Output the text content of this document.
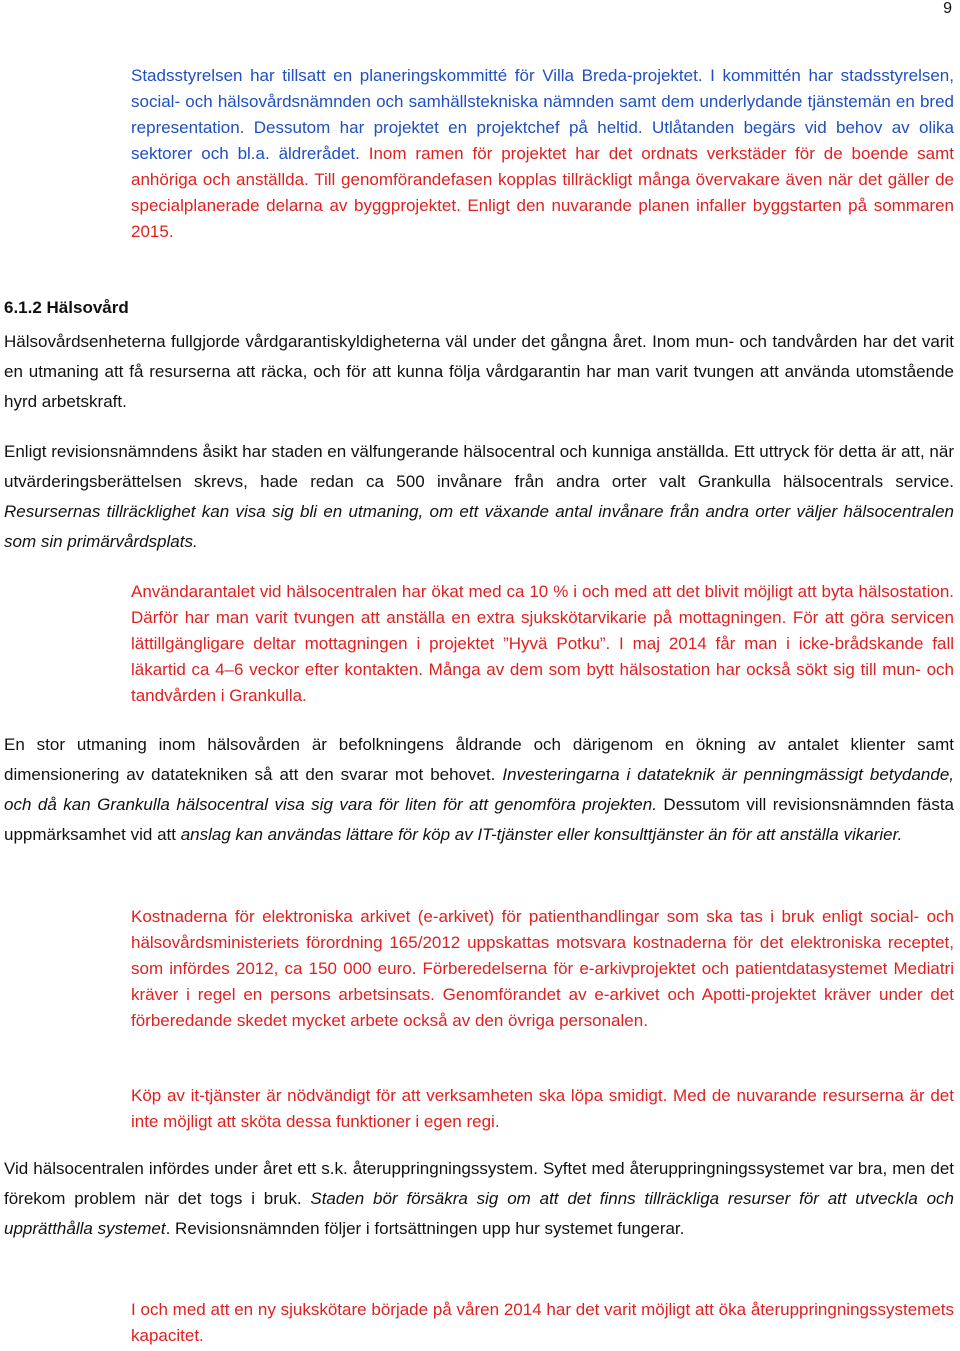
9

Stadsstyrelsen har tillsatt en planeringskommitté för Villa Breda-projektet. I kommittén har stadsstyrelsen, social- och hälsovårdsnämnden och samhällstekniska nämnden samt dem underlydande tjänstemän en bred representation. Dessutom har projektet en projektchef på heltid. Utlåtanden begärs vid behov av olika sektorer och bl.a. äldrerådet. Inom ramen för projektet har det ordnats verkstäder för de boende samt anhöriga och anställda. Till genomförandefasen kopplas tillräckligt många övervakare även när det gäller de specialplanerade delarna av byggprojektet. Enligt den nuvarande planen infaller byggstarten på sommaren 2015.

6.1.2 Hälsovård

Hälsovårdsenheterna fullgjorde vårdgarantiskyldigheterna väl under det gångna året. Inom mun- och tandvården har det varit en utmaning att få resurserna att räcka, och för att kunna följa vårdgarantin har man varit tvungen att använda utomstående hyrd arbetskraft.

Enligt revisionsnämndens åsikt har staden en välfungerande hälsocentral och kunniga anställda. Ett uttryck för detta är att, när utvärderingsberättelsen skrevs, hade redan ca 500 invånare från andra orter valt Grankulla hälsocentrals service. Resursernas tillräcklighet kan visa sig bli en utmaning, om ett växande antal invånare från andra orter väljer hälsocentralen som sin primärvårdsplats.

Användarantalet vid hälsocentralen har ökat med ca 10 % i och med att det blivit möjligt att byta hälsostation. Därför har man varit tvungen att anställa en extra sjukskötarvikarie på mottagningen. För att göra servicen lättillgängligare deltar mottagningen i projektet ”Hyvä Potku”. I maj 2014 får man i icke-brådskande fall läkartid ca 4–6 veckor efter kontakten. Många av dem som bytt hälsostation har också sökt sig till mun- och tandvården i Grankulla.

En stor utmaning inom hälsovården är befolkningens åldrande och därigenom en ökning av antalet klienter samt dimensionering av datatekniken så att den svarar mot behovet. Investeringarna i datateknik är penningmässigt betydande, och då kan Grankulla hälsocentral visa sig vara för liten för att genomföra projekten. Dessutom vill revisionsnämnden fästa uppmärksamhet vid att anslag kan användas lättare för köp av IT-tjänster eller konsulttjänster än för att anställa vikarier.

Kostnaderna för elektroniska arkivet (e-arkivet) för patienthandlingar som ska tas i bruk enligt social- och hälsovårdsministeriets förordning 165/2012 uppskattas motsvara kostnaderna för det elektroniska receptet, som infördes 2012, ca 150 000 euro. Förberedelserna för e-arkivprojektet och patientdatasystemet Mediatri kräver i regel en persons arbetsinsats. Genomförandet av e-arkivet och Apotti-projektet kräver under det förberedande skedet mycket arbete också av den övriga personalen.

Köp av it-tjänster är nödvändigt för att verksamheten ska löpa smidigt. Med de nuvarande resurserna är det inte möjligt att sköta dessa funktioner i egen regi.

Vid hälsocentralen infördes under året ett s.k. återuppringningssystem. Syftet med återuppringningssystemet var bra, men det förekom problem när det togs i bruk. Staden bör försäkra sig om att det finns tillräckliga resurser för att utveckla och upprätthålla systemet. Revisionsnämnden följer i fortsättningen upp hur systemet fungerar.

I och med att en ny sjukskötare började på våren 2014 har det varit möjligt att öka återuppringningssystemets kapacitet.
